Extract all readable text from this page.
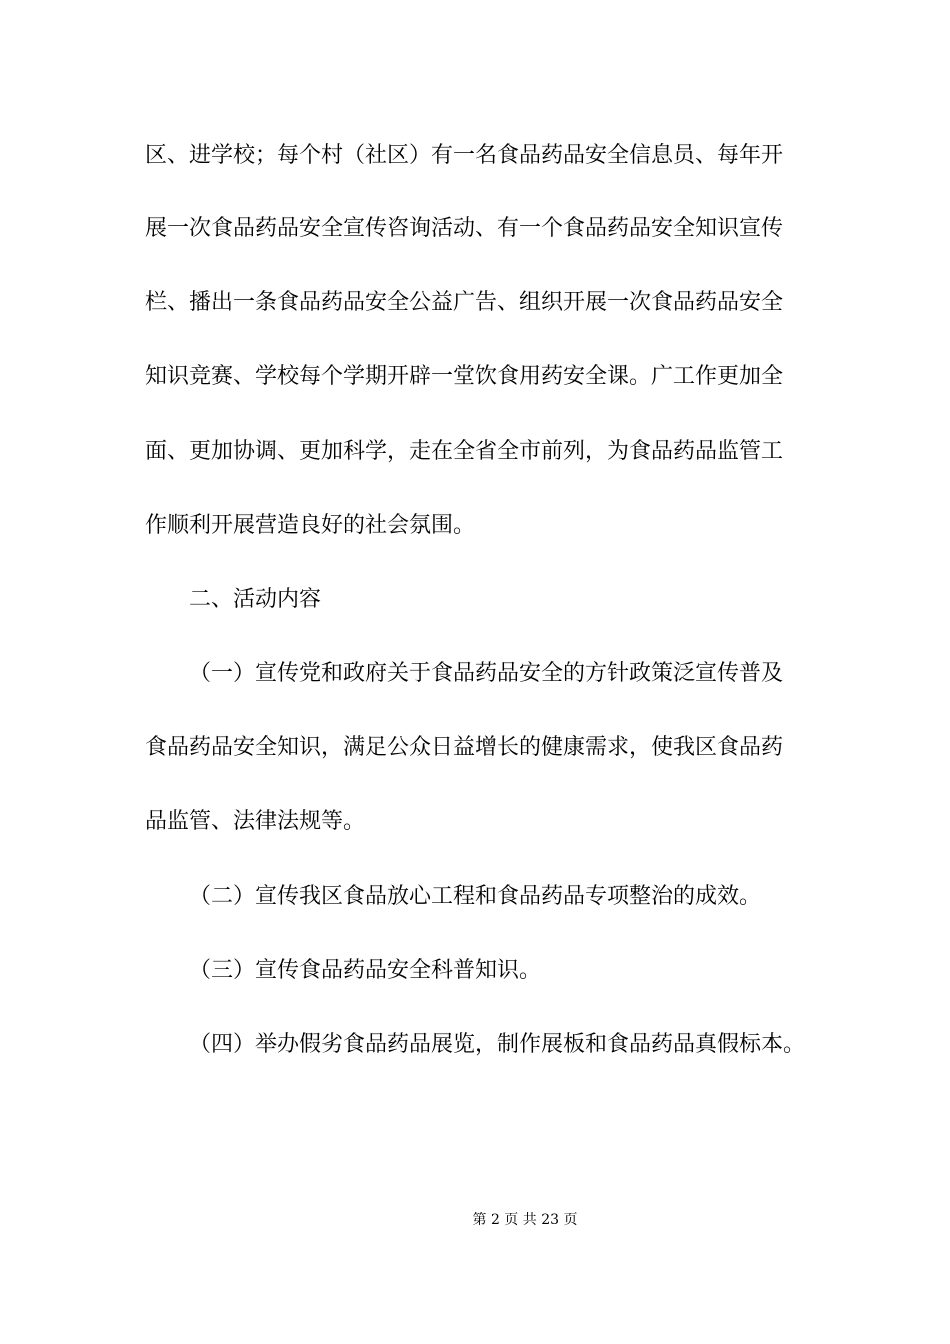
区、进学校；每个村（社区）有一名食品药品安全信息员、每年开
展一次食品药品安全宣传咨询活动、有一个食品药品安全知识宣传
栏、播出一条食品药品安全公益广告、组织开展一次食品药品安全
知识竞赛、学校每个学期开辟一堂饮食用药安全课。广工作更加全
面、更加协调、更加科学，走在全省全市前列，为食品药品监管工
作顺利开展营造良好的社会氛围。
二、活动内容
（一）宣传党和政府关于食品药品安全的方针政策泛宣传普及
食品药品安全知识，满足公众日益增长的健康需求，使我区食品药
品监管、法律法规等。
（二）宣传我区食品放心工程和食品药品专项整治的成效。
（三）宣传食品药品安全科普知识。
（四）举办假劣食品药品展览，制作展板和食品药品真假标本。
第 2 页 共 23 页
